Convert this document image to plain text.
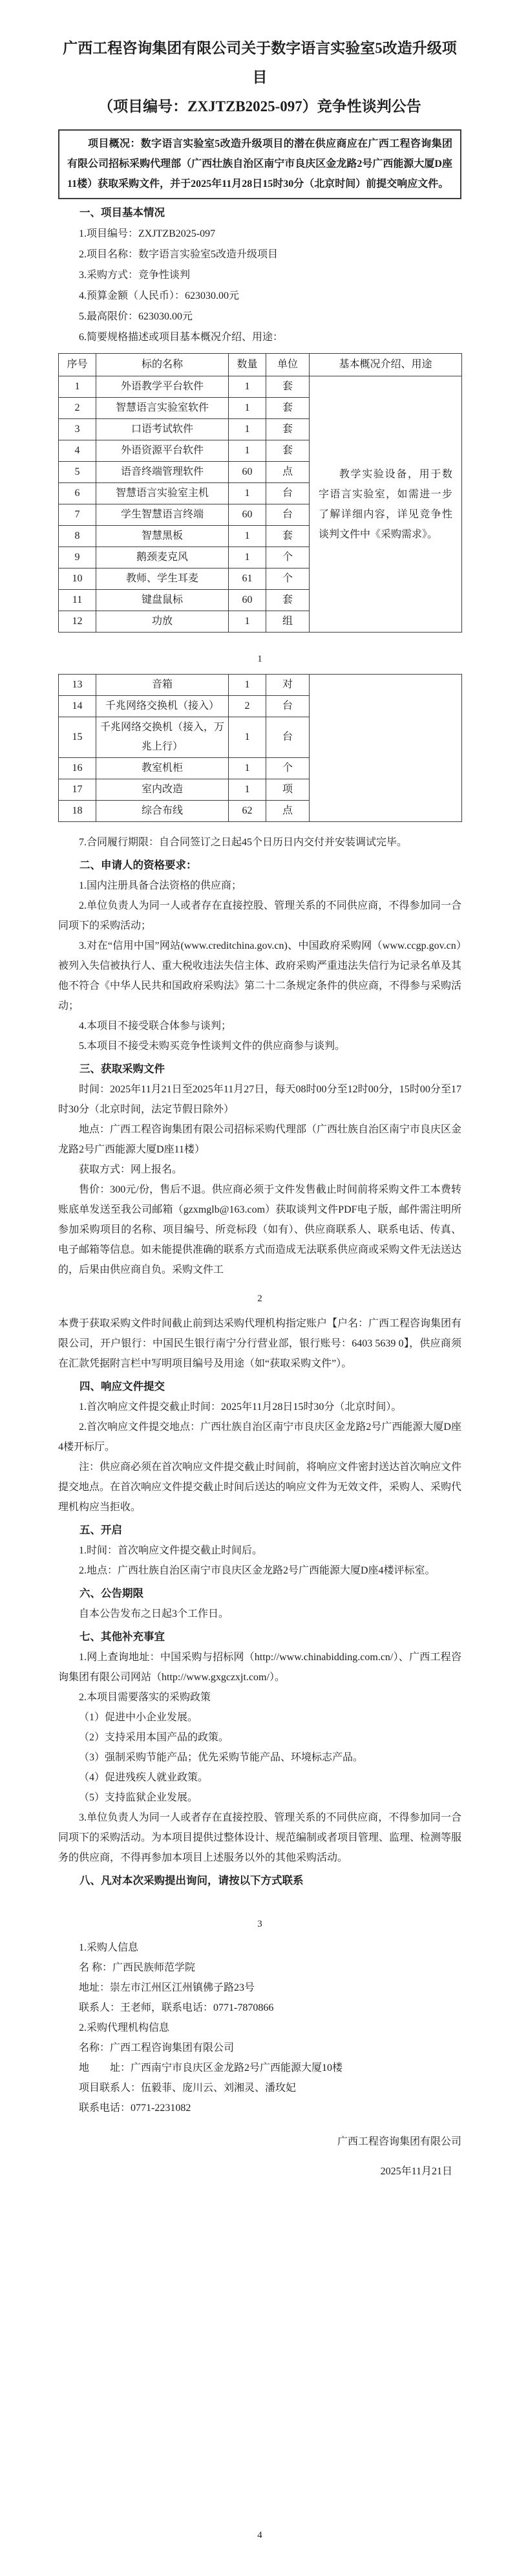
广西工程咨询集团有限公司关于数字语言实验室5改造升级项目
（项目编号：ZXJTZB2025-097）竞争性谈判公告
项目概况：数字语言实验室5改造升级项目的潜在供应商应在广西工程咨询集团有限公司招标采购代理部（广西壮族自治区南宁市良庆区金龙路2号广西能源大厦D座11楼）获取采购文件，并于2025年11月28日15时30分（北京时间）前提交响应文件。
一、项目基本情况
1.项目编号：ZXJTZB2025-097
2.项目名称：数字语言实验室5改造升级项目
3.采购方式：竞争性谈判
4.预算金额（人民币）：623030.00元
5.最高限价：623030.00元
6.简要规格描述或项目基本概况介绍、用途：
序号	标的名称	数量	单位	基本概况介绍、用途
1	外语教学平台软件	1	套	教学实验设备，用于数字语言实验室，如需进一步了解详细内容，详见竞争性谈判文件中《采购需求》。
2	智慧语言实验室软件	1	套	
3	口语考试软件	1	套	
4	外语资源平台软件	1	套	
5	语音终端管理软件	60	点	
6	智慧语言实验室主机	1	台	
7	学生智慧语言终端	60	台	
8	智慧黑板	1	套	
9	鹅颈麦克风	1	个	
10	教师、学生耳麦	61	个	
11	键盘鼠标	60	套	
12	功放	1	组	
1
13	音箱	1	对	
14	千兆网络交换机（接入）	2	台	
15	千兆网络交换机（接入，万兆上行）	1	台	
16	教室机柜	1	个	
17	室内改造	1	项	
18	综合布线	62	点	
7.合同履行期限：自合同签订之日起45个日历日内交付并安装调试完毕。
二、申请人的资格要求：
1.国内注册具备合法资格的供应商；
2.单位负责人为同一人或者存在直接控股、管理关系的不同供应商，不得参加同一合同项下的采购活动；
3.对在“信用中国”网站(www.creditchina.gov.cn)、中国政府采购网（www.ccgp.gov.cn）被列入失信被执行人、重大税收违法失信主体、政府采购严重违法失信行为记录名单及其他不符合《中华人民共和国政府采购法》第二十二条规定条件的供应商，不得参与采购活动；
4.本项目不接受联合体参与谈判；
5.本项目不接受未购买竞争性谈判文件的供应商参与谈判。
三、获取采购文件
时间：2025年11月21日至2025年11月27日，每天08时00分至12时00分，15时00分至17时30分（北京时间，法定节假日除外）
地点：广西工程咨询集团有限公司招标采购代理部（广西壮族自治区南宁市良庆区金龙路2号广西能源大厦D座11楼）
获取方式：网上报名。
售价：300元/份，售后不退。供应商必须于文件发售截止时间前将采购文件工本费转账底单发送至我公司邮箱（gzxmglb@163.com）获取谈判文件PDF电子版，邮件需注明所参加采购项目的名称、项目编号、所竞标段（如有）、供应商联系人、联系电话、传真、电子邮箱等信息。如未能提供准确的联系方式而造成无法联系供应商或采购文件无法送达的，后果由供应商自负。采购文件工
2
本费于获取采购文件时间截止前到达采购代理机构指定账户【户名：广西工程咨询集团有限公司，开户银行：中国民生银行南宁分行营业部，银行账号：6403 5639 0】，供应商须在汇款凭据附言栏中写明项目编号及用途（如“获取采购文件”）。
四、响应文件提交
1.首次响应文件提交截止时间：2025年11月28日15时30分（北京时间）。
2.首次响应文件提交地点：广西壮族自治区南宁市良庆区金龙路2号广西能源大厦D座4楼开标厅。
注：供应商必须在首次响应文件提交截止时间前，将响应文件密封送达首次响应文件提交地点。在首次响应文件提交截止时间后送达的响应文件为无效文件，采购人、采购代理机构应当拒收。
五、开启
1.时间：首次响应文件提交截止时间后。
2.地点：广西壮族自治区南宁市良庆区金龙路2号广西能源大厦D座4楼评标室。
六、公告期限
自本公告发布之日起3个工作日。
七、其他补充事宜
1.网上查询地址：中国采购与招标网（http://www.chinabidding.com.cn/）、广西工程咨询集团有限公司网站（http://www.gxgczxjt.com/）。
2.本项目需要落实的采购政策
（1）促进中小企业发展。
（2）支持采用本国产品的政策。
（3）强制采购节能产品；优先采购节能产品、环境标志产品。
（4）促进残疾人就业政策。
（5）支持监狱企业发展。
3.单位负责人为同一人或者存在直接控股、管理关系的不同供应商，不得参加同一合同项下的采购活动。为本项目提供过整体设计、规范编制或者项目管理、监理、检测等服务的供应商，不得再参加本项目上述服务以外的其他采购活动。
八、凡对本次采购提出询问，请按以下方式联系
3
1.采购人信息
名 称：广西民族师范学院
地址：崇左市江州区江州镇佛子路23号
联系人：王老师，联系电话：0771-7870866
2.采购代理机构信息
名称：广西工程咨询集团有限公司
地　　址：广西南宁市良庆区金龙路2号广西能源大厦10楼
项目联系人：伍毅菲、庞川云、刘湘灵、潘玫妃
联系电话：0771-2231082
广西工程咨询集团有限公司
2025年11月21日
4
